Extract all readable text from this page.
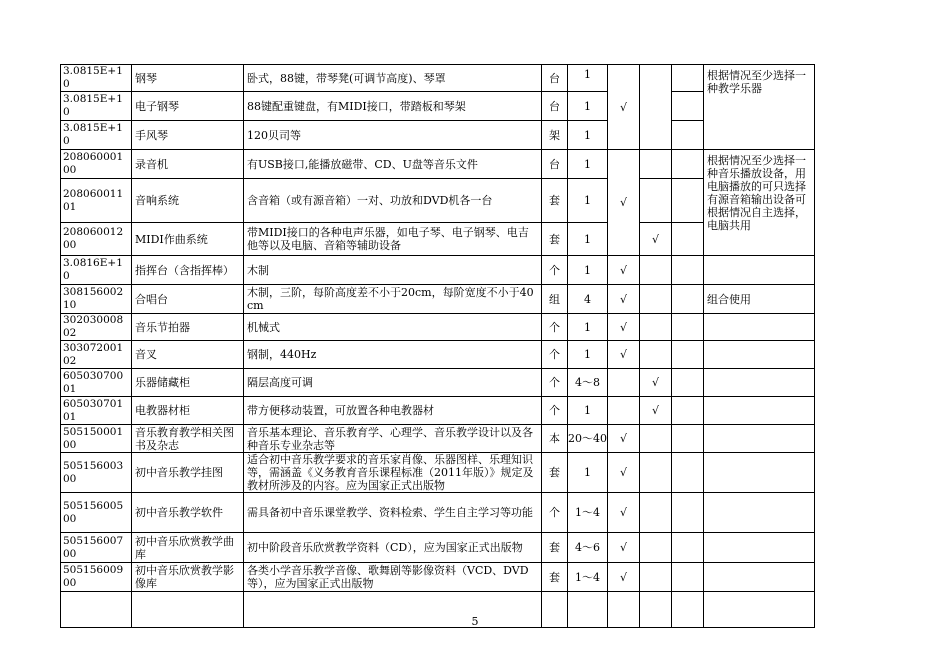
3.0815E+10	钢琴	卧式，88键，带琴凳(可调节高度)、琴罩	台	1	√			根据情况至少选择一种教学乐器
3.0815E+10	电子钢琴	88键配重键盘，有MIDI接口，带踏板和琴架	台	1				
3.0815E+10	手风琴	120贝司等	架	1				
20806000100	录音机	有USB接口,能播放磁带、CD、U盘等音乐文件	台	1	√			根据情况至少选择一种音乐播放设备，用电脑播放的可只选择有源音箱输出设备可根据情况自主选择，电脑共用
20806001101	音响系统	含音箱（或有源音箱）一对、功放和DVD机各一台	套	1				
20806001200	MIDI作曲系统	带MIDI接口的各种电声乐器，如电子琴、电子钢琴、电吉他等以及电脑、音箱等辅助设备	套	1		√		
3.0816E+10	指挥台（含指挥棒）	木制	个	1	√			
30815600210	合唱台	木制，三阶，每阶高度差不小于20cm，每阶宽度不小于40cm	组	4	√			组合使用
30203000802	音乐节拍器	机械式	个	1	√			
30307200102	音叉	钢制，440Hz	个	1	√			
60503070001	乐器储藏柜	隔层高度可调	个	4～8		√		
60503070101	电教器材柜	带方便移动装置，可放置各种电教器材	个	1		√		
50515000100	音乐教育教学相关图书及杂志	音乐基本理论、音乐教育学、心理学、音乐教学设计以及各种音乐专业杂志等	本	20～40	√			
50515600300	初中音乐教学挂图	适合初中音乐教学要求的音乐家肖像、乐器图样、乐理知识等，需涵盖《义务教育音乐课程标准（2011年版）》规定及教材所涉及的内容。应为国家正式出版物	套	1	√			
50515600500	初中音乐教学软件	需具备初中音乐课堂教学、资料检索、学生自主学习等功能	个	1～4	√			
50515600700	初中音乐欣赏教学曲库	初中阶段音乐欣赏教学资料（CD），应为国家正式出版物	套	4～6	√			
50515600900	初中音乐欣赏教学影像库	各类小学音乐教学音像、歌舞剧等影像资料（VCD、DVD等），应为国家正式出版物	套	1～4	√			

5
